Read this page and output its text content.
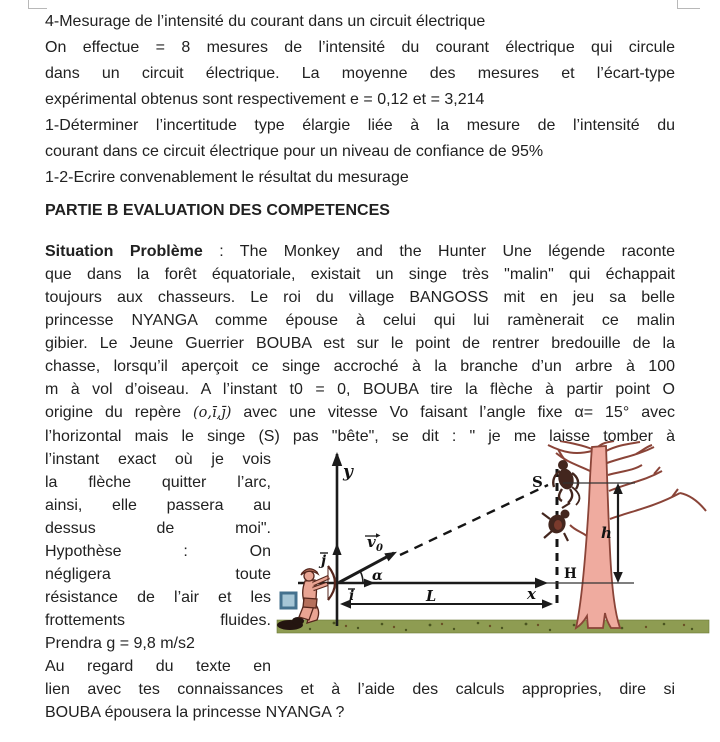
4-Mesurage de l’intensité du courant dans un circuit électrique
On effectue = 8 mesures de l’intensité du courant électrique qui circule
dans un circuit électrique. La moyenne des mesures et l’écart-type
expérimental obtenus sont respectivement e = 0,12 et = 3,214
1-Déterminer l’incertitude type élargie liée à la mesure de l’intensité du
courant dans ce circuit électrique pour un niveau de confiance de 95%
1-2-Ecrire convenablement le résultat du mesurage
PARTIE B EVALUATION DES COMPETENCES
Situation Problème : The Monkey and the Hunter Une légende raconte
que dans la forêt équatoriale, existait un singe très "malin" qui échappait
toujours aux chasseurs. Le roi du village BANGOSS mit en jeu sa belle
princesse NYANGA comme épouse à celui qui lui ramènerait ce malin
gibier. Le Jeune Guerrier BOUBA est sur le point de rentrer bredouille de la
chasse, lorsqu’il aperçoit ce singe accroché à la branche d’un arbre à 100
m à vol d’oiseau. A l’instant t0 = 0, BOUBA tire la flèche à partir point O
origine du repère (o,ī,j̄) avec une vitesse Vo faisant l’angle fixe α= 15° avec
l’horizontal mais le singe (S) pas "bête", se dit : " je me laisse tomber à
l’instant exact où je vois
la flèche quitter l’arc,
ainsi, elle passera au
dessus de moi".
Hypothèse : On
négligera toute
résistance de l’air et les
frottements fluides.
Prendra g = 9,8 m/s2
Au regard du texte en
lien avec tes connaissances et à l’aide des calculs appropries, dire si
BOUBA épousera la princesse NYANGA ?
y
j
i
α
v 0
x
L
S
H
h
